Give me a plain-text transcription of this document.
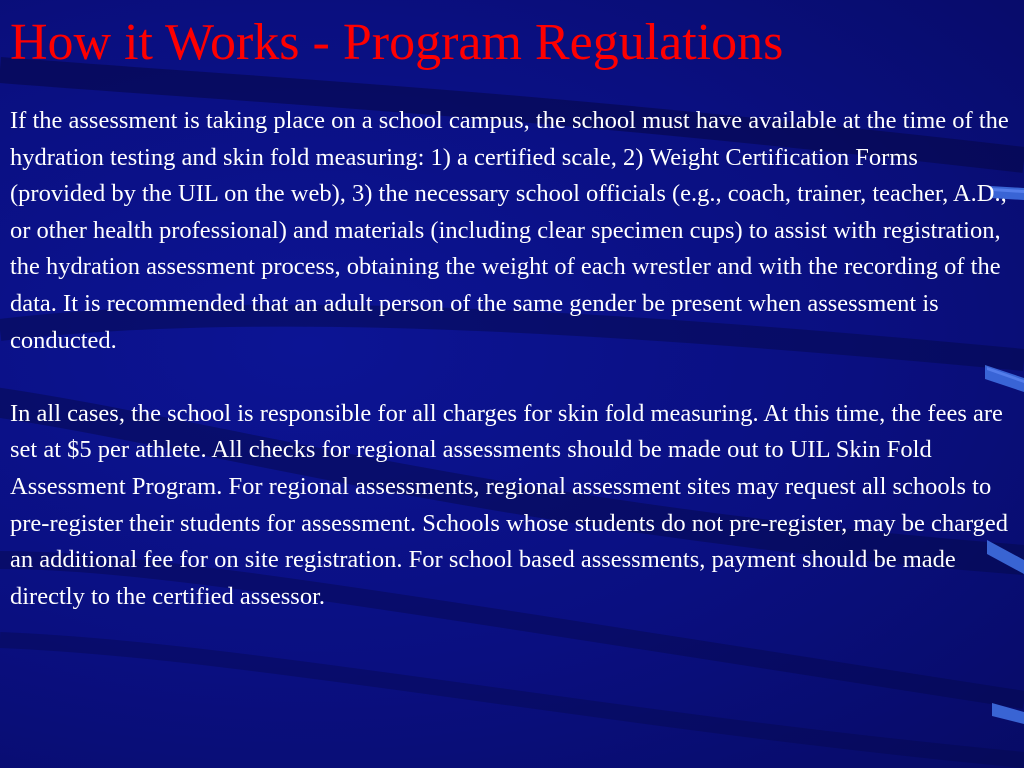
How it Works - Program Regulations

If the assessment is taking place on a school campus, the school must have available at the time of the hydration testing and skin fold measuring: 1) a certified scale, 2) Weight Certification Forms (provided by the UIL on the web), 3) the necessary school officials (e.g., coach, trainer, teacher, A.D., or other health professional) and materials (including clear specimen cups) to assist with registration, the hydration assessment process, obtaining the weight of each wrestler and with the recording of the data. It is recommended that an adult person of the same gender be present when assessment is conducted.

In all cases, the school is responsible for all charges for skin fold measuring. At this time, the fees are set at $5 per athlete. All checks for regional assessments should be made out to UIL Skin Fold Assessment Program. For regional assessments, regional assessment sites may request all schools to pre-register their students for assessment. Schools whose students do not pre-register, may be charged an additional fee for on site registration. For school based assessments, payment should be made directly to the certified assessor.
